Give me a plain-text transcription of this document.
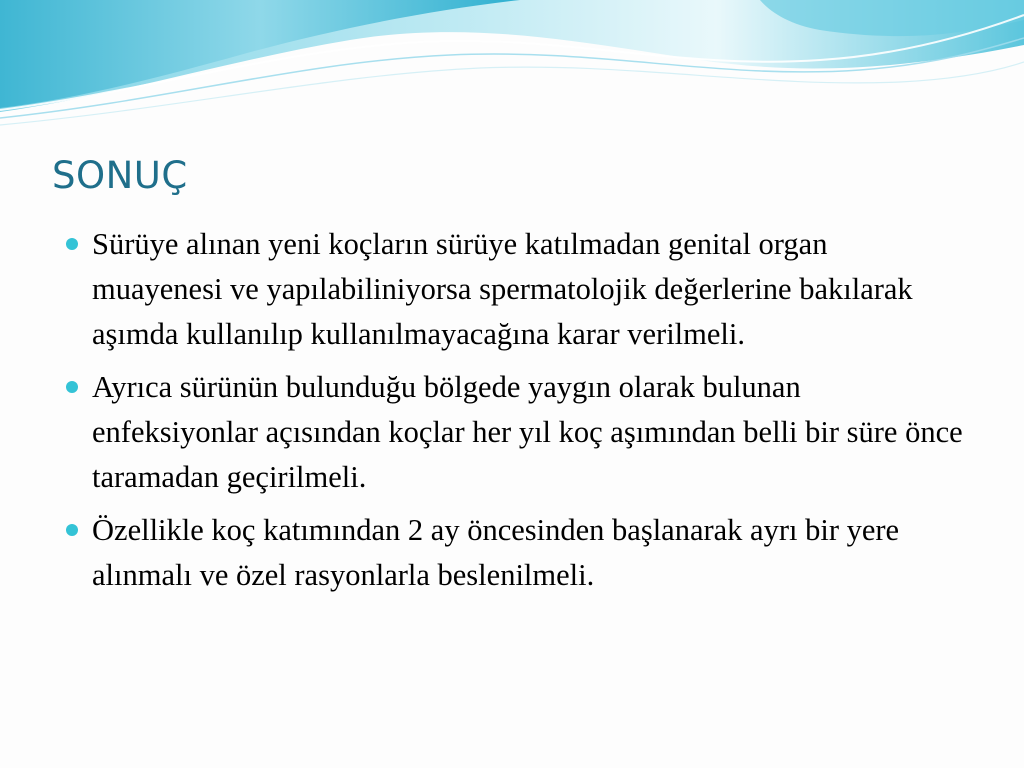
SONUÇ
Sürüye alınan yeni koçların sürüye katılmadan genital organ muayenesi ve yapılabiliniyorsa spermatolojik değerlerine bakılarak aşımda kullanılıp kullanılmayacağına karar verilmeli.
Ayrıca sürünün bulunduğu bölgede yaygın olarak bulunan enfeksiyonlar açısından koçlar her yıl koç aşımından belli bir süre önce taramadan geçirilmeli.
Özellikle koç katımından 2 ay öncesinden başlanarak ayrı bir yere alınmalı ve özel rasyonlarla beslenilmeli.
